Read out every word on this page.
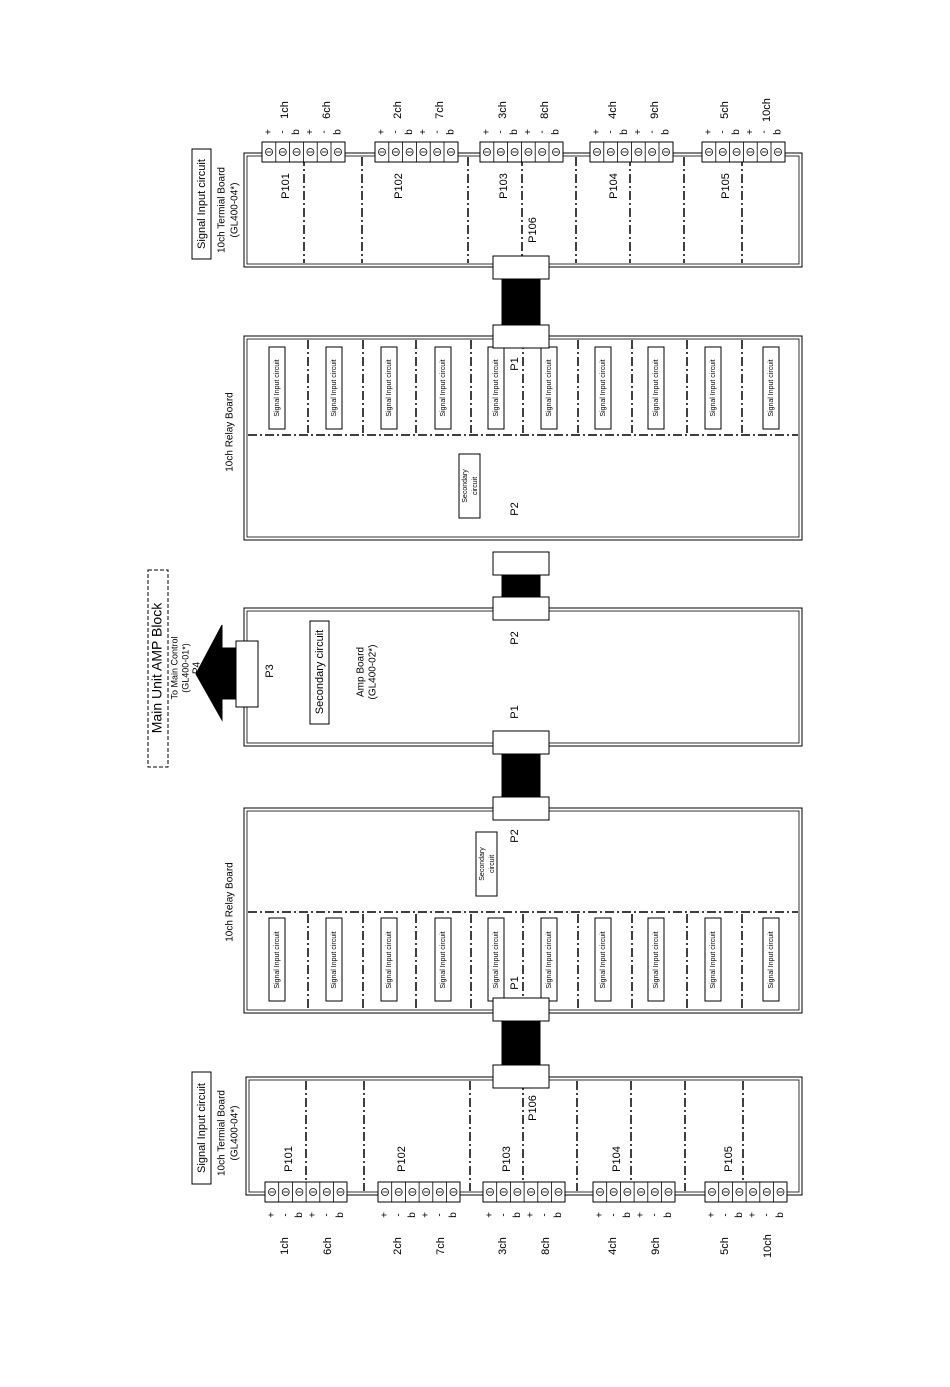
+ - b + - b
1ch	6ch
P101
+ - b + - b
2ch	7ch
P102
+ - b + - b
3ch	8ch
P103
+ - b + - b
4ch	9ch
P104
+ - b + - b
5ch	10ch
P105
P106
Signal Input circuit 10ch Termial Board (GL400-04*)
Signal Input circuit	Signal Input circuit	Signal Input circuit	Signal Input circuit	Signal Input circuit	Signal Input circuit	Signal Input circuit	Signal Input circuit	Signal Input circuit	Signal Input circuit
Secondary circuit
P1
P2
10ch Relay Board
P3	Secondary circuit	Amp Board (GL400-02*)
P2
P1
Signal Input circuit	Signal Input circuit	Signal Input circuit	Signal Input circuit	Signal Input circuit	Signal Input circuit	Signal Input circuit	Signal Input circuit	Signal Input circuit	Signal Input circuit
Secondary circuit
P2
P1
10ch Relay Board
+ - b + - b
1ch	6ch
P101
+ - b + - b
2ch	7ch
P102
+ - b + - b
3ch	8ch
P103
+ - b + - b
4ch	9ch
P104
+ - b + - b
5ch	10ch
P105
P106
Signal Input circuit 10ch Termial Board (GL400-04*)
Main Unit AMP Block To Main Control (GL400-01*) P4
